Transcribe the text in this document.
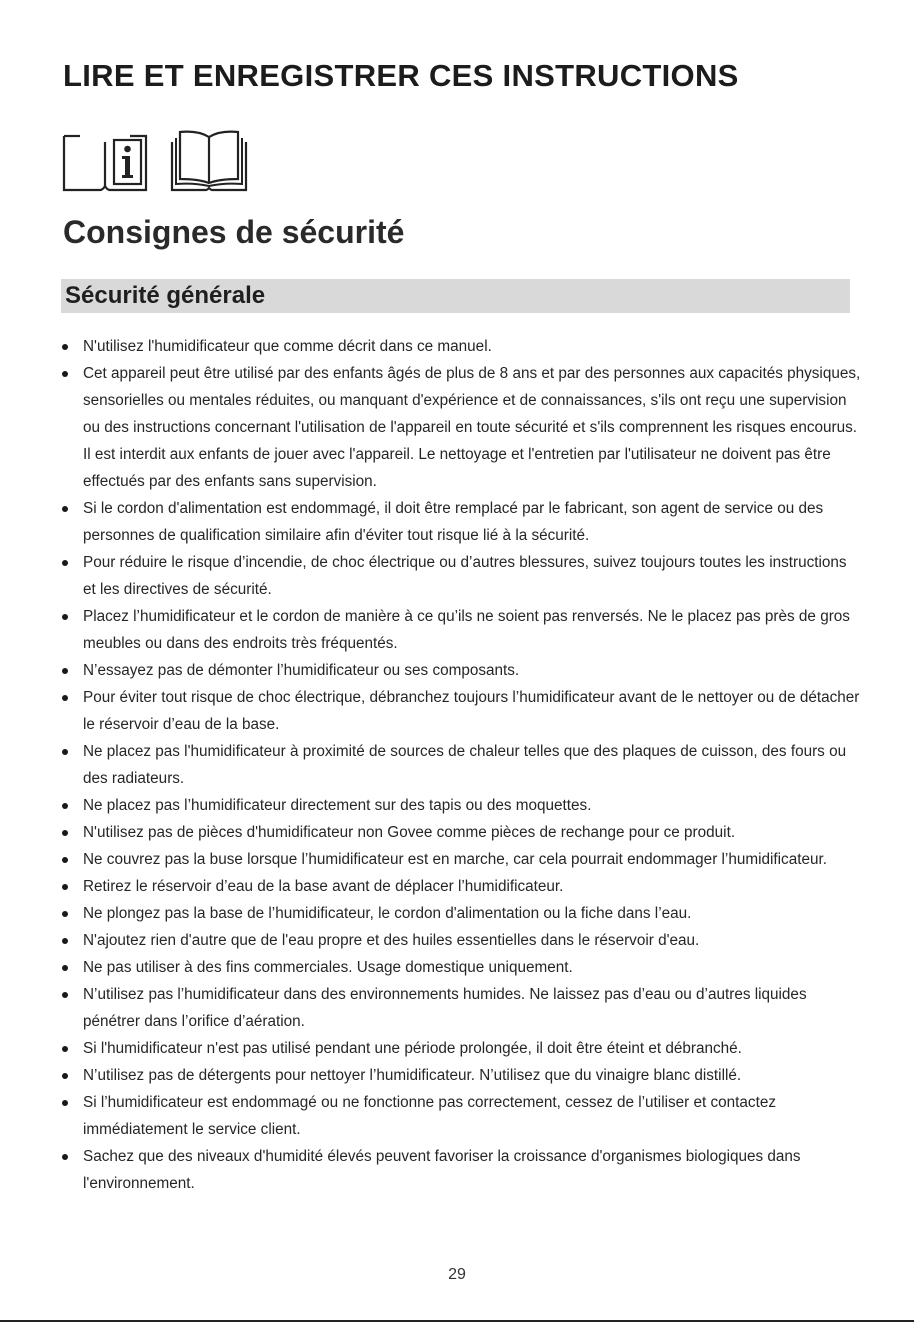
LIRE ET ENREGISTRER CES INSTRUCTIONS
Consignes de sécurité
Sécurité générale
N'utilisez l'humidificateur que comme décrit dans ce manuel.
Cet appareil peut être utilisé par des enfants âgés de plus de 8 ans et par des personnes aux capacités physiques, sensorielles ou mentales réduites, ou manquant d'expérience et de connaissances, s'ils ont reçu une supervision ou des instructions concernant l'utilisation de l'appareil en toute sécurité et s'ils comprennent les risques encourus. Il est interdit aux enfants de jouer avec l'appareil. Le nettoyage et l'entretien par l'utilisateur ne doivent pas être effectués par des enfants sans supervision.
Si le cordon d'alimentation est endommagé, il doit être remplacé par le fabricant, son agent de service ou des personnes de qualification similaire afin d'éviter tout risque lié à la sécurité.
Pour réduire le risque d’incendie, de choc électrique ou d’autres blessures, suivez toujours toutes les instructions et les directives de sécurité.
Placez l’humidificateur et le cordon de manière à ce qu’ils ne soient pas renversés. Ne le placez pas près de gros meubles ou dans des endroits très fréquentés.
N’essayez pas de démonter l’humidificateur ou ses composants.
Pour éviter tout risque de choc électrique, débranchez toujours l’humidificateur avant de le nettoyer ou de détacher le réservoir d’eau de la base.
Ne placez pas l'humidificateur à proximité de sources de chaleur telles que des plaques de cuisson, des fours ou des radiateurs.
Ne placez pas l’humidificateur directement sur des tapis ou des moquettes.
N'utilisez pas de pièces d'humidificateur non Govee comme pièces de rechange pour ce produit.
Ne couvrez pas la buse lorsque l’humidificateur est en marche, car cela pourrait endommager l’humidificateur.
Retirez le réservoir d’eau de la base avant de déplacer l’humidificateur.
Ne plongez pas la base de l’humidificateur, le cordon d'alimentation ou la fiche dans l’eau.
N'ajoutez rien d'autre que de l'eau propre et des huiles essentielles dans le réservoir d'eau.
Ne pas utiliser à des fins commerciales. Usage domestique uniquement.
N’utilisez pas l’humidificateur dans des environnements humides. Ne laissez pas d’eau ou d’autres liquides pénétrer dans l’orifice d’aération.
Si l'humidificateur n'est pas utilisé pendant une période prolongée, il doit être éteint et débranché.
N’utilisez pas de détergents pour nettoyer l’humidificateur. N’utilisez que du vinaigre blanc distillé.
Si l’humidificateur est endommagé ou ne fonctionne pas correctement, cessez de l’utiliser et contactez immédiatement le service client.
Sachez que des niveaux d'humidité élevés peuvent favoriser la croissance d'organismes biologiques dans l'environnement.
29
